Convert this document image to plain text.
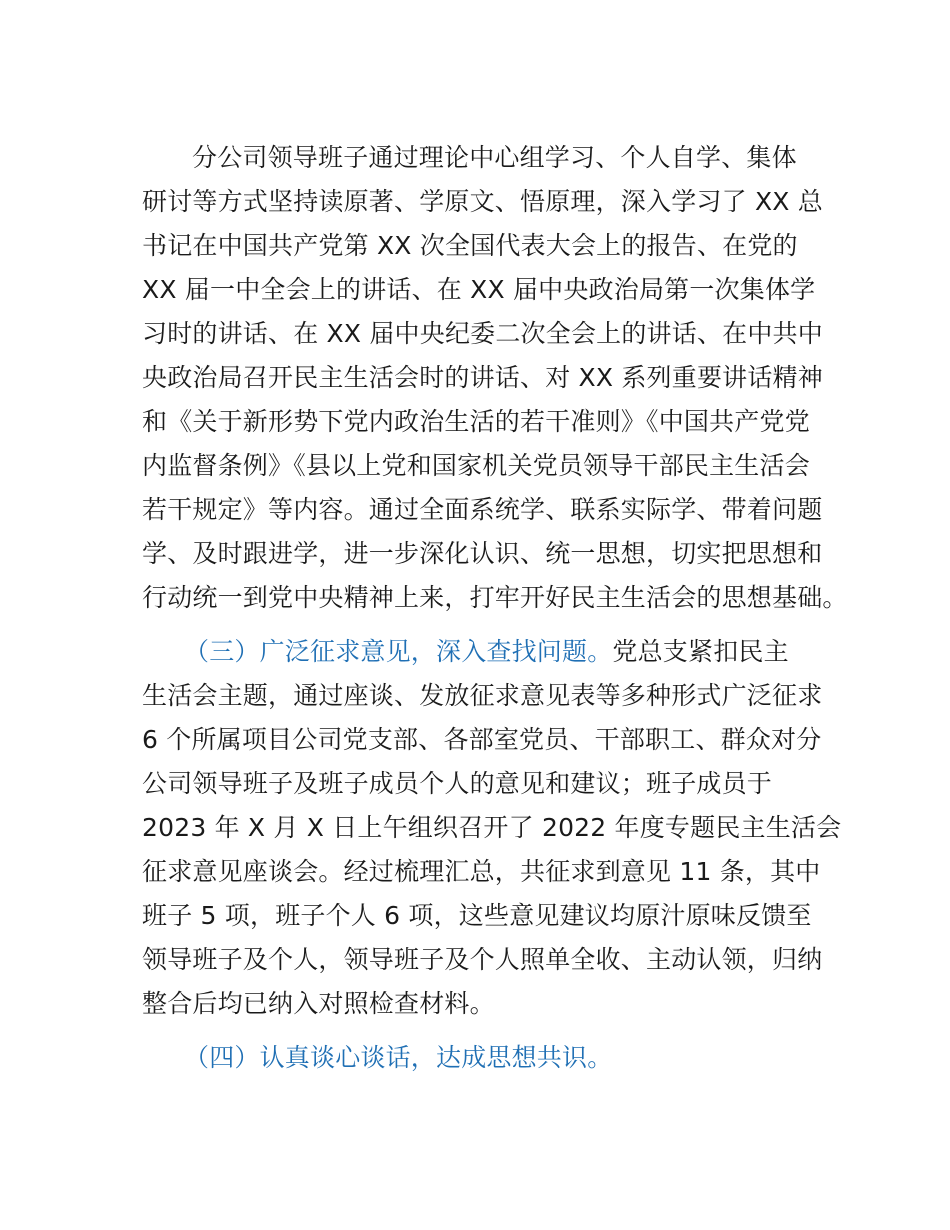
分公司领导班子通过理论中心组学习、个人自学、集体
研讨等方式坚持读原著、学原文、悟原理，深入学习了 XX 总
书记在中国共产党第 XX 次全国代表大会上的报告、在党的
XX 届一中全会上的讲话、在 XX 届中央政治局第一次集体学
习时的讲话、在 XX 届中央纪委二次全会上的讲话、在中共中
央政治局召开民主生活会时的讲话、对 XX 系列重要讲话精神
和《关于新形势下党内政治生活的若干准则》《中国共产党党
内监督条例》《县以上党和国家机关党员领导干部民主生活会
若干规定》等内容。通过全面系统学、联系实际学、带着问题
学、及时跟进学，进一步深化认识、统一思想，切实把思想和
行动统一到党中央精神上来，打牢开好民主生活会的思想基础。
（三）广泛征求意见，深入查找问题。党总支紧扣民主
生活会主题，通过座谈、发放征求意见表等多种形式广泛征求
6 个所属项目公司党支部、各部室党员、干部职工、群众对分
公司领导班子及班子成员个人的意见和建议；班子成员于
2023 年 X 月 X 日上午组织召开了 2022 年度专题民主生活会
征求意见座谈会。经过梳理汇总，共征求到意见 11 条，其中
班子 5 项，班子个人 6 项，这些意见建议均原汁原味反馈至
领导班子及个人，领导班子及个人照单全收、主动认领，归纳
整合后均已纳入对照检查材料。
（四）认真谈心谈话，达成思想共识。
